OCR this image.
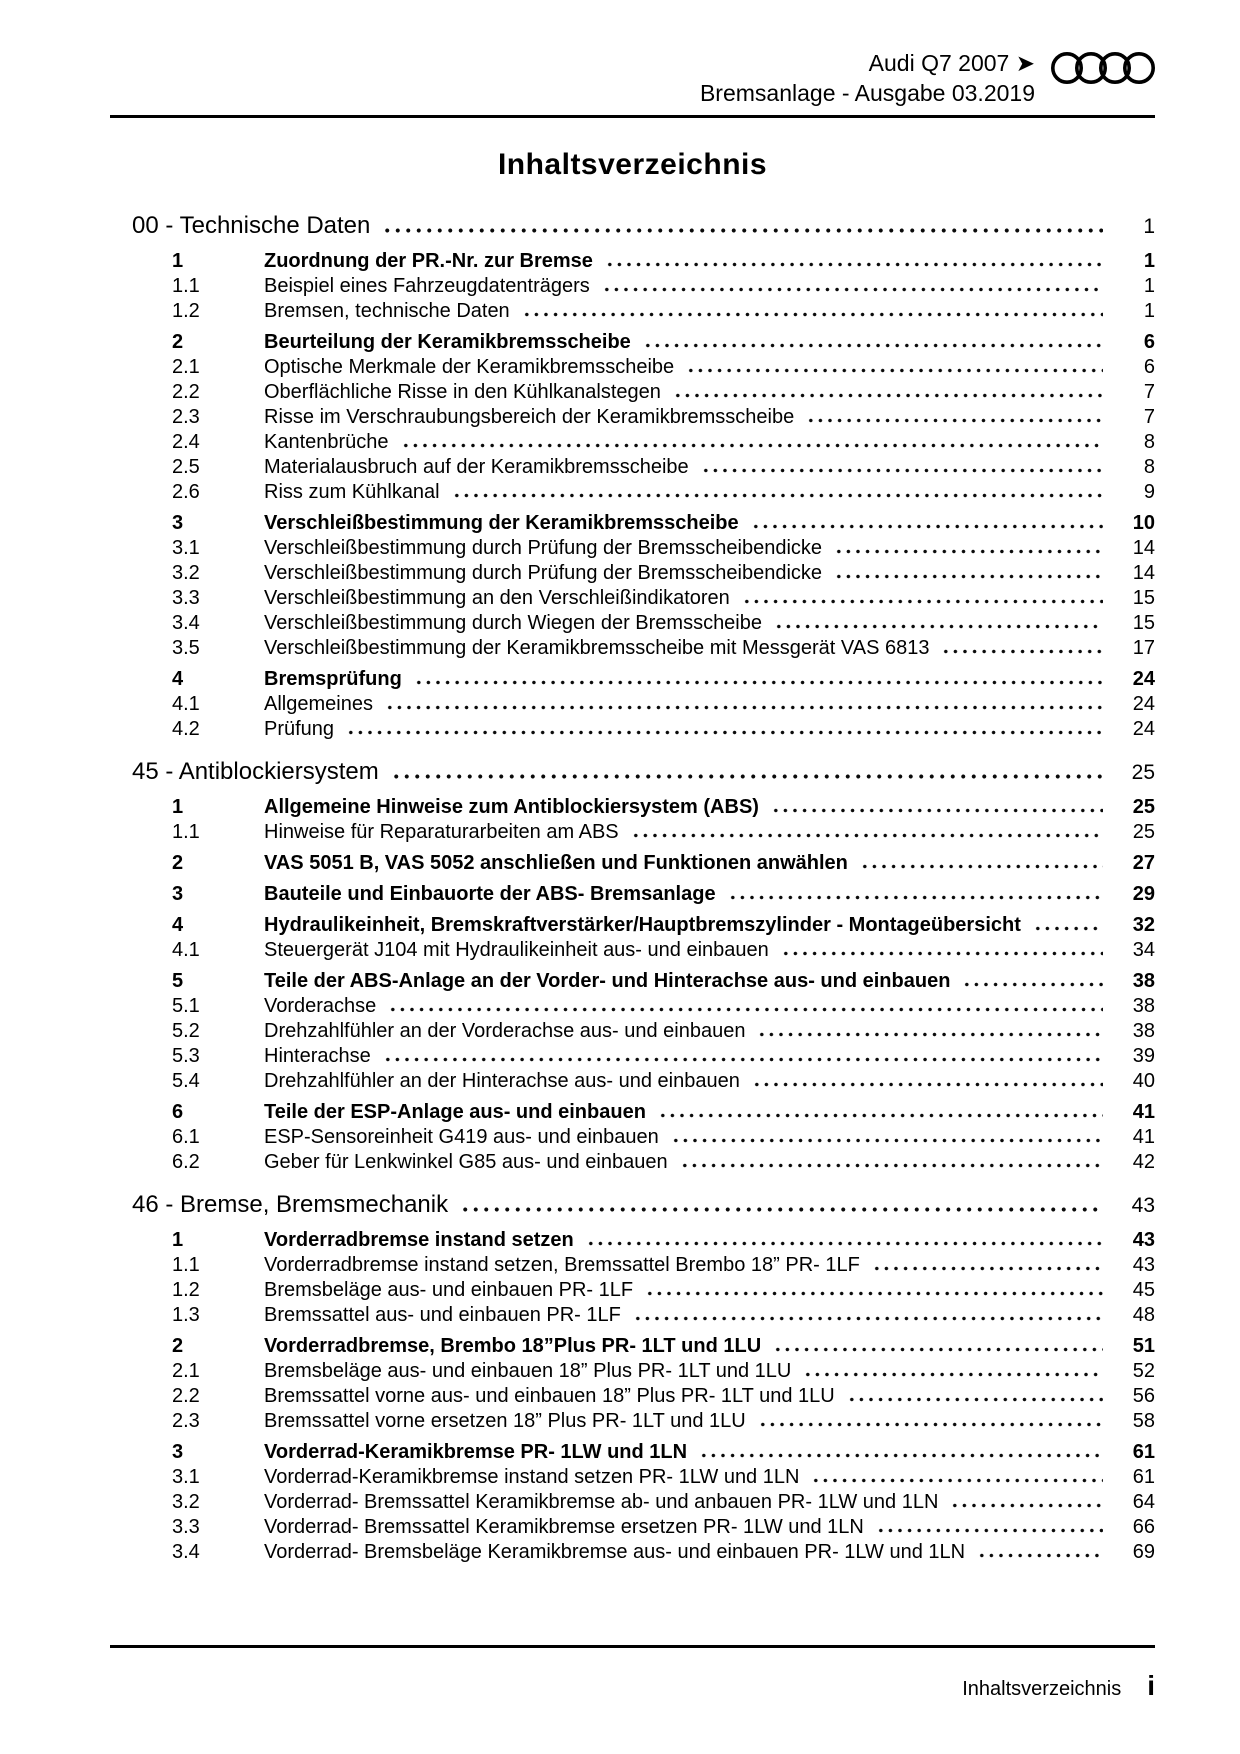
Audi Q7 2007 ➤
Bremsanlage - Ausgabe 03.2019
Inhaltsverzeichnis
00 - Technische Daten	1
1	Zuordnung der PR.-Nr. zur Bremse	1
1.1	Beispiel eines Fahrzeugdatenträgers	1
1.2	Bremsen, technische Daten	1
2	Beurteilung der Keramikbremsscheibe	6
2.1	Optische Merkmale der Keramikbremsscheibe	6
2.2	Oberflächliche Risse in den Kühlkanalstegen	7
2.3	Risse im Verschraubungsbereich der Keramikbremsscheibe	7
2.4	Kantenbrüche	8
2.5	Materialausbruch auf der Keramikbremsscheibe	8
2.6	Riss zum Kühlkanal	9
3	Verschleißbestimmung der Keramikbremsscheibe	10
3.1	Verschleißbestimmung durch Prüfung der Bremsscheibendicke	14
3.2	Verschleißbestimmung durch Prüfung der Bremsscheibendicke	14
3.3	Verschleißbestimmung an den Verschleißindikatoren	15
3.4	Verschleißbestimmung durch Wiegen der Bremsscheibe	15
3.5	Verschleißbestimmung der Keramikbremsscheibe mit Messgerät VAS 6813	17
4	Bremsprüfung	24
4.1	Allgemeines	24
4.2	Prüfung	24
45 - Antiblockiersystem	25
1	Allgemeine Hinweise zum Antiblockiersystem (ABS)	25
1.1	Hinweise für Reparaturarbeiten am ABS	25
2	VAS 5051 B, VAS 5052 anschließen und Funktionen anwählen	27
3	Bauteile und Einbauorte der ABS- Bremsanlage	29
4	Hydraulikeinheit, Bremskraftverstärker/Hauptbremszylinder - Montageübersicht	32
4.1	Steuergerät J104 mit Hydraulikeinheit aus- und einbauen	34
5	Teile der ABS-Anlage an der Vorder- und Hinterachse aus- und einbauen	38
5.1	Vorderachse	38
5.2	Drehzahlfühler an der Vorderachse aus- und einbauen	38
5.3	Hinterachse	39
5.4	Drehzahlfühler an der Hinterachse aus- und einbauen	40
6	Teile der ESP-Anlage aus- und einbauen	41
6.1	ESP-Sensoreinheit G419 aus- und einbauen	41
6.2	Geber für Lenkwinkel G85 aus- und einbauen	42
46 - Bremse, Bremsmechanik	43
1	Vorderradbremse instand setzen	43
1.1	Vorderradbremse instand setzen, Bremssattel Brembo 18” PR- 1LF	43
1.2	Bremsbeläge aus- und einbauen PR- 1LF	45
1.3	Bremssattel aus- und einbauen PR- 1LF	48
2	Vorderradbremse, Brembo 18”Plus PR- 1LT und 1LU	51
2.1	Bremsbeläge aus- und einbauen 18” Plus PR- 1LT und 1LU	52
2.2	Bremssattel vorne aus- und einbauen 18” Plus PR- 1LT und 1LU	56
2.3	Bremssattel vorne ersetzen 18” Plus PR- 1LT und 1LU	58
3	Vorderrad-Keramikbremse PR- 1LW und 1LN	61
3.1	Vorderrad-Keramikbremse instand setzen PR- 1LW und 1LN	61
3.2	Vorderrad- Bremssattel Keramikbremse ab- und anbauen PR- 1LW und 1LN	64
3.3	Vorderrad- Bremssattel Keramikbremse ersetzen PR- 1LW und 1LN	66
3.4	Vorderrad- Bremsbeläge Keramikbremse aus- und einbauen PR- 1LW und 1LN	69
Inhaltsverzeichnis i
